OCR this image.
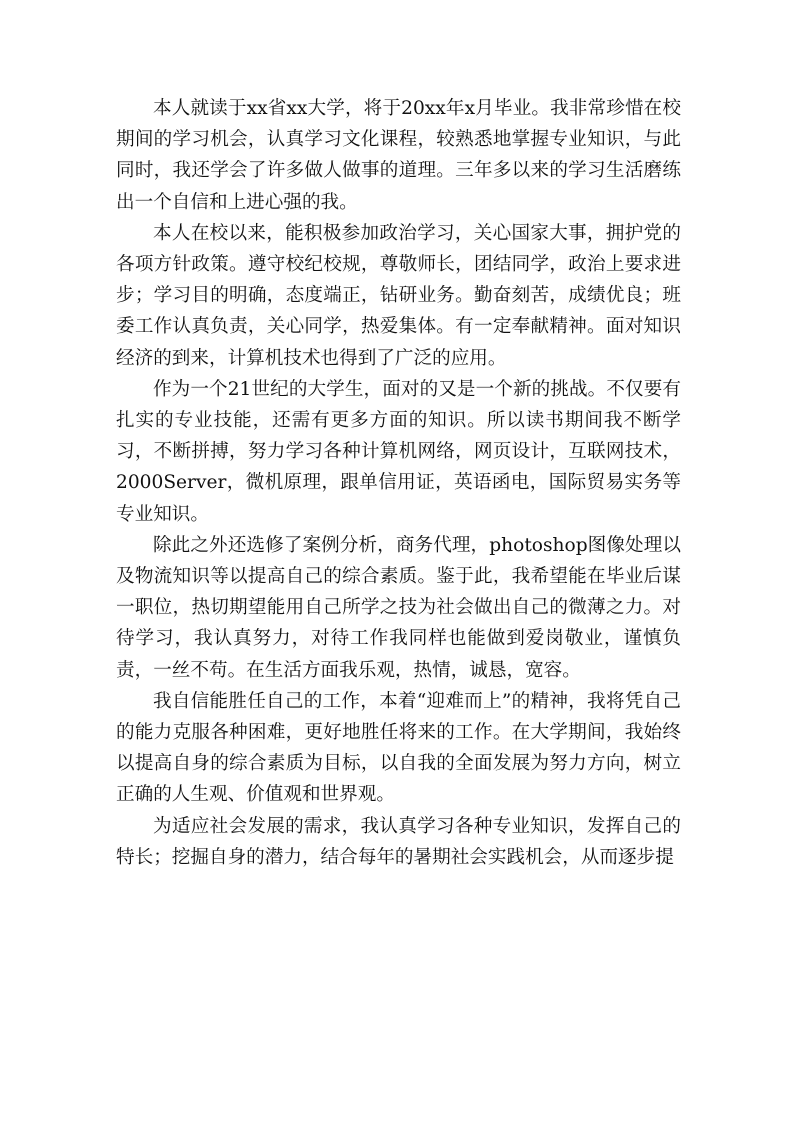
本人就读于xx省xx大学，将于20xx年x月毕业。我非常珍惜在校期间的学习机会，认真学习文化课程，较熟悉地掌握专业知识，与此同时，我还学会了许多做人做事的道理。三年多以来的学习生活磨练出一个自信和上进心强的我。

本人在校以来，能积极参加政治学习，关心国家大事，拥护党的各项方针政策。遵守校纪校规，尊敬师长，团结同学，政治上要求进步；学习目的明确，态度端正，钻研业务。勤奋刻苦，成绩优良；班委工作认真负责，关心同学，热爱集体。有一定奉献精神。面对知识经济的到来，计算机技术也得到了广泛的应用。

作为一个21世纪的大学生，面对的又是一个新的挑战。不仅要有扎实的专业技能，还需有更多方面的知识。所以读书期间我不断学习，不断拼搏，努力学习各种计算机网络，网页设计，互联网技术，2000Server，微机原理，跟单信用证，英语函电，国际贸易实务等专业知识。

除此之外还选修了案例分析，商务代理，photoshop图像处理以及物流知识等以提高自己的综合素质。鉴于此，我希望能在毕业后谋一职位，热切期望能用自己所学之技为社会做出自己的微薄之力。对待学习，我认真努力，对待工作我同样也能做到爱岗敬业，谨慎负责，一丝不苟。在生活方面我乐观，热情，诚恳，宽容。

我自信能胜任自己的工作，本着“迎难而上”的精神，我将凭自己的能力克服各种困难，更好地胜任将来的工作。在大学期间，我始终以提高自身的综合素质为目标，以自我的全面发展为努力方向，树立正确的人生观、价值观和世界观。

为适应社会发展的需求，我认真学习各种专业知识，发挥自己的特长；挖掘自身的潜力，结合每年的暑期社会实践机会，从而逐步提
